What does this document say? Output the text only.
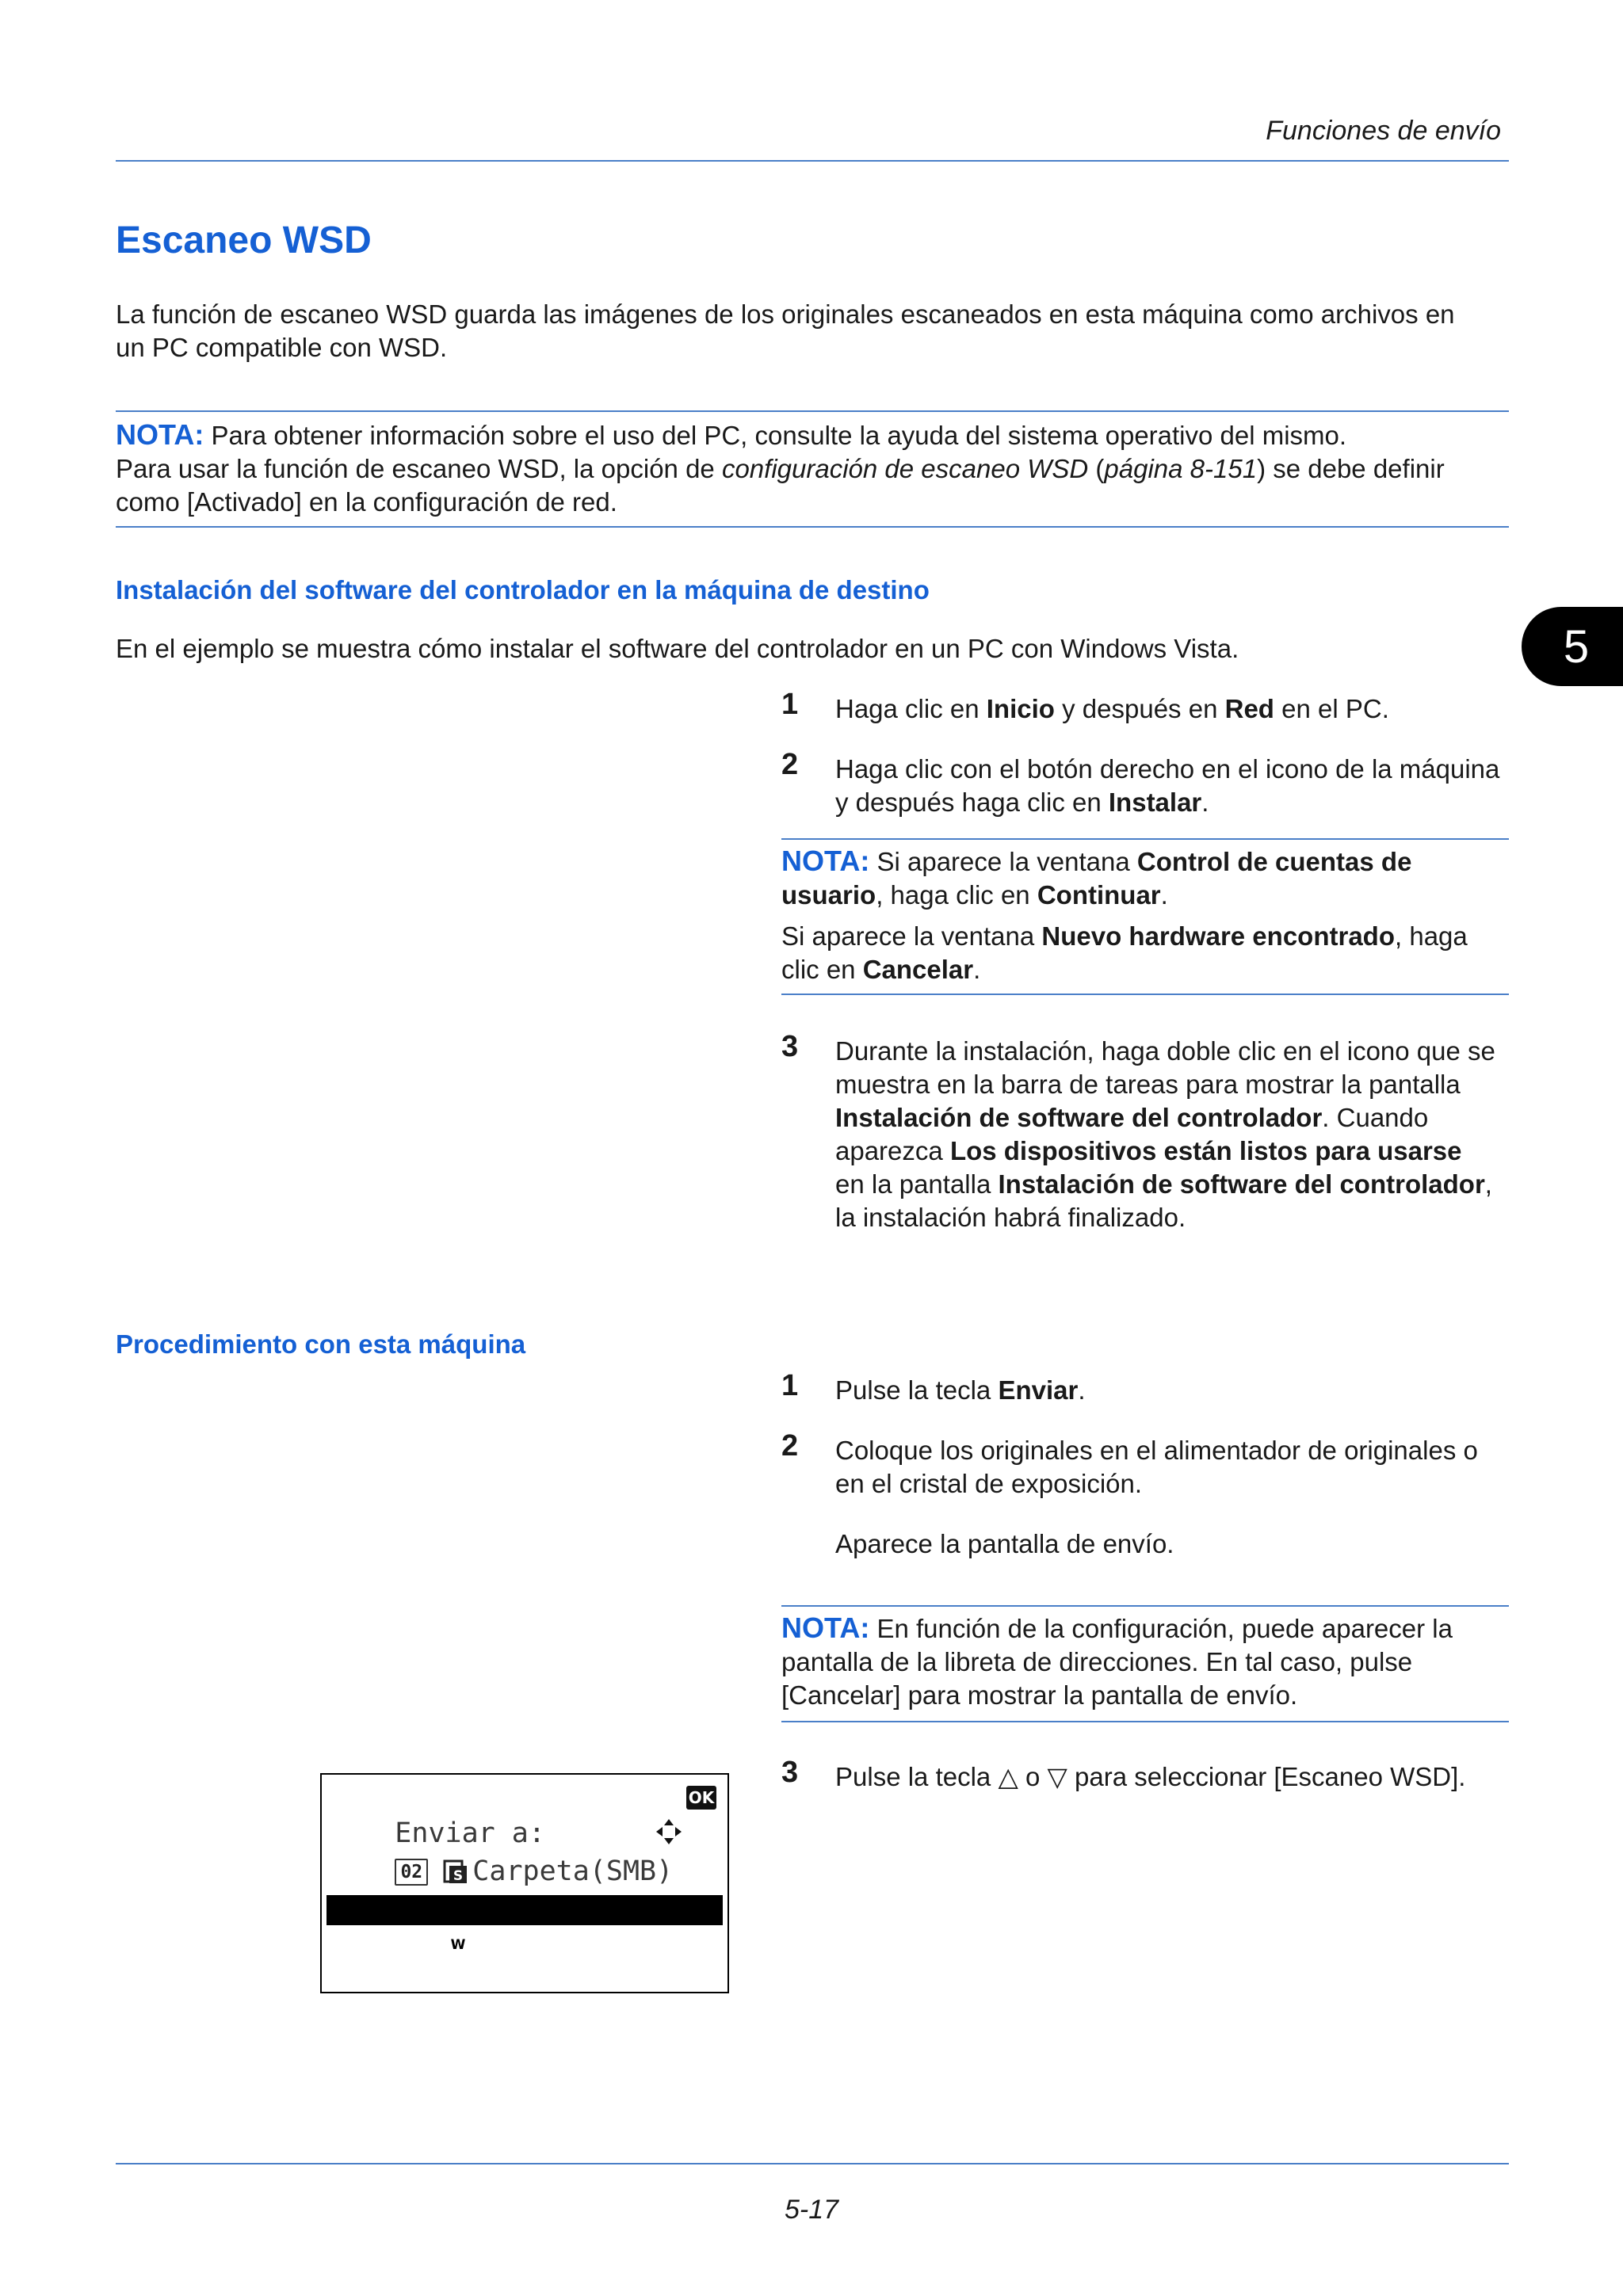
Funciones de envío
5
Escaneo WSD
La función de escaneo WSD guarda las imágenes de los originales escaneados en esta máquina como archivos en
un PC compatible con WSD.
NOTA: Para obtener información sobre el uso del PC, consulte la ayuda del sistema operativo del mismo.
Para usar la función de escaneo WSD, la opción de configuración de escaneo WSD (página 8-151) se debe definir
como [Activado] en la configuración de red.
Instalación del software del controlador en la máquina de destino
En el ejemplo se muestra cómo instalar el software del controlador en un PC con Windows Vista.
1 Haga clic en Inicio y después en Red en el PC.
2 Haga clic con el botón derecho en el icono de la máquina
y después haga clic en Instalar.
NOTA: Si aparece la ventana Control de cuentas de
usuario, haga clic en Continuar.
Si aparece la ventana Nuevo hardware encontrado, haga
clic en Cancelar.
3 Durante la instalación, haga doble clic en el icono que se
muestra en la barra de tareas para mostrar la pantalla
Instalación de software del controlador. Cuando
aparezca Los dispositivos están listos para usarse
en la pantalla Instalación de software del controlador,
la instalación habrá finalizado.
Procedimiento con esta máquina
1 Pulse la tecla Enviar.
2 Coloque los originales en el alimentador de originales o
en el cristal de exposición.
Aparece la pantalla de envío.
NOTA: En función de la configuración, puede aparecer la
pantalla de la libreta de direcciones. En tal caso, pulse
[Cancelar] para mostrar la pantalla de envío.
3 Pulse la tecla △ o ▽ para seleccionar [Escaneo WSD].

Enviar a:

OK

02 S Carpeta(SMB)

04 W Escaneo WSD

5-17
